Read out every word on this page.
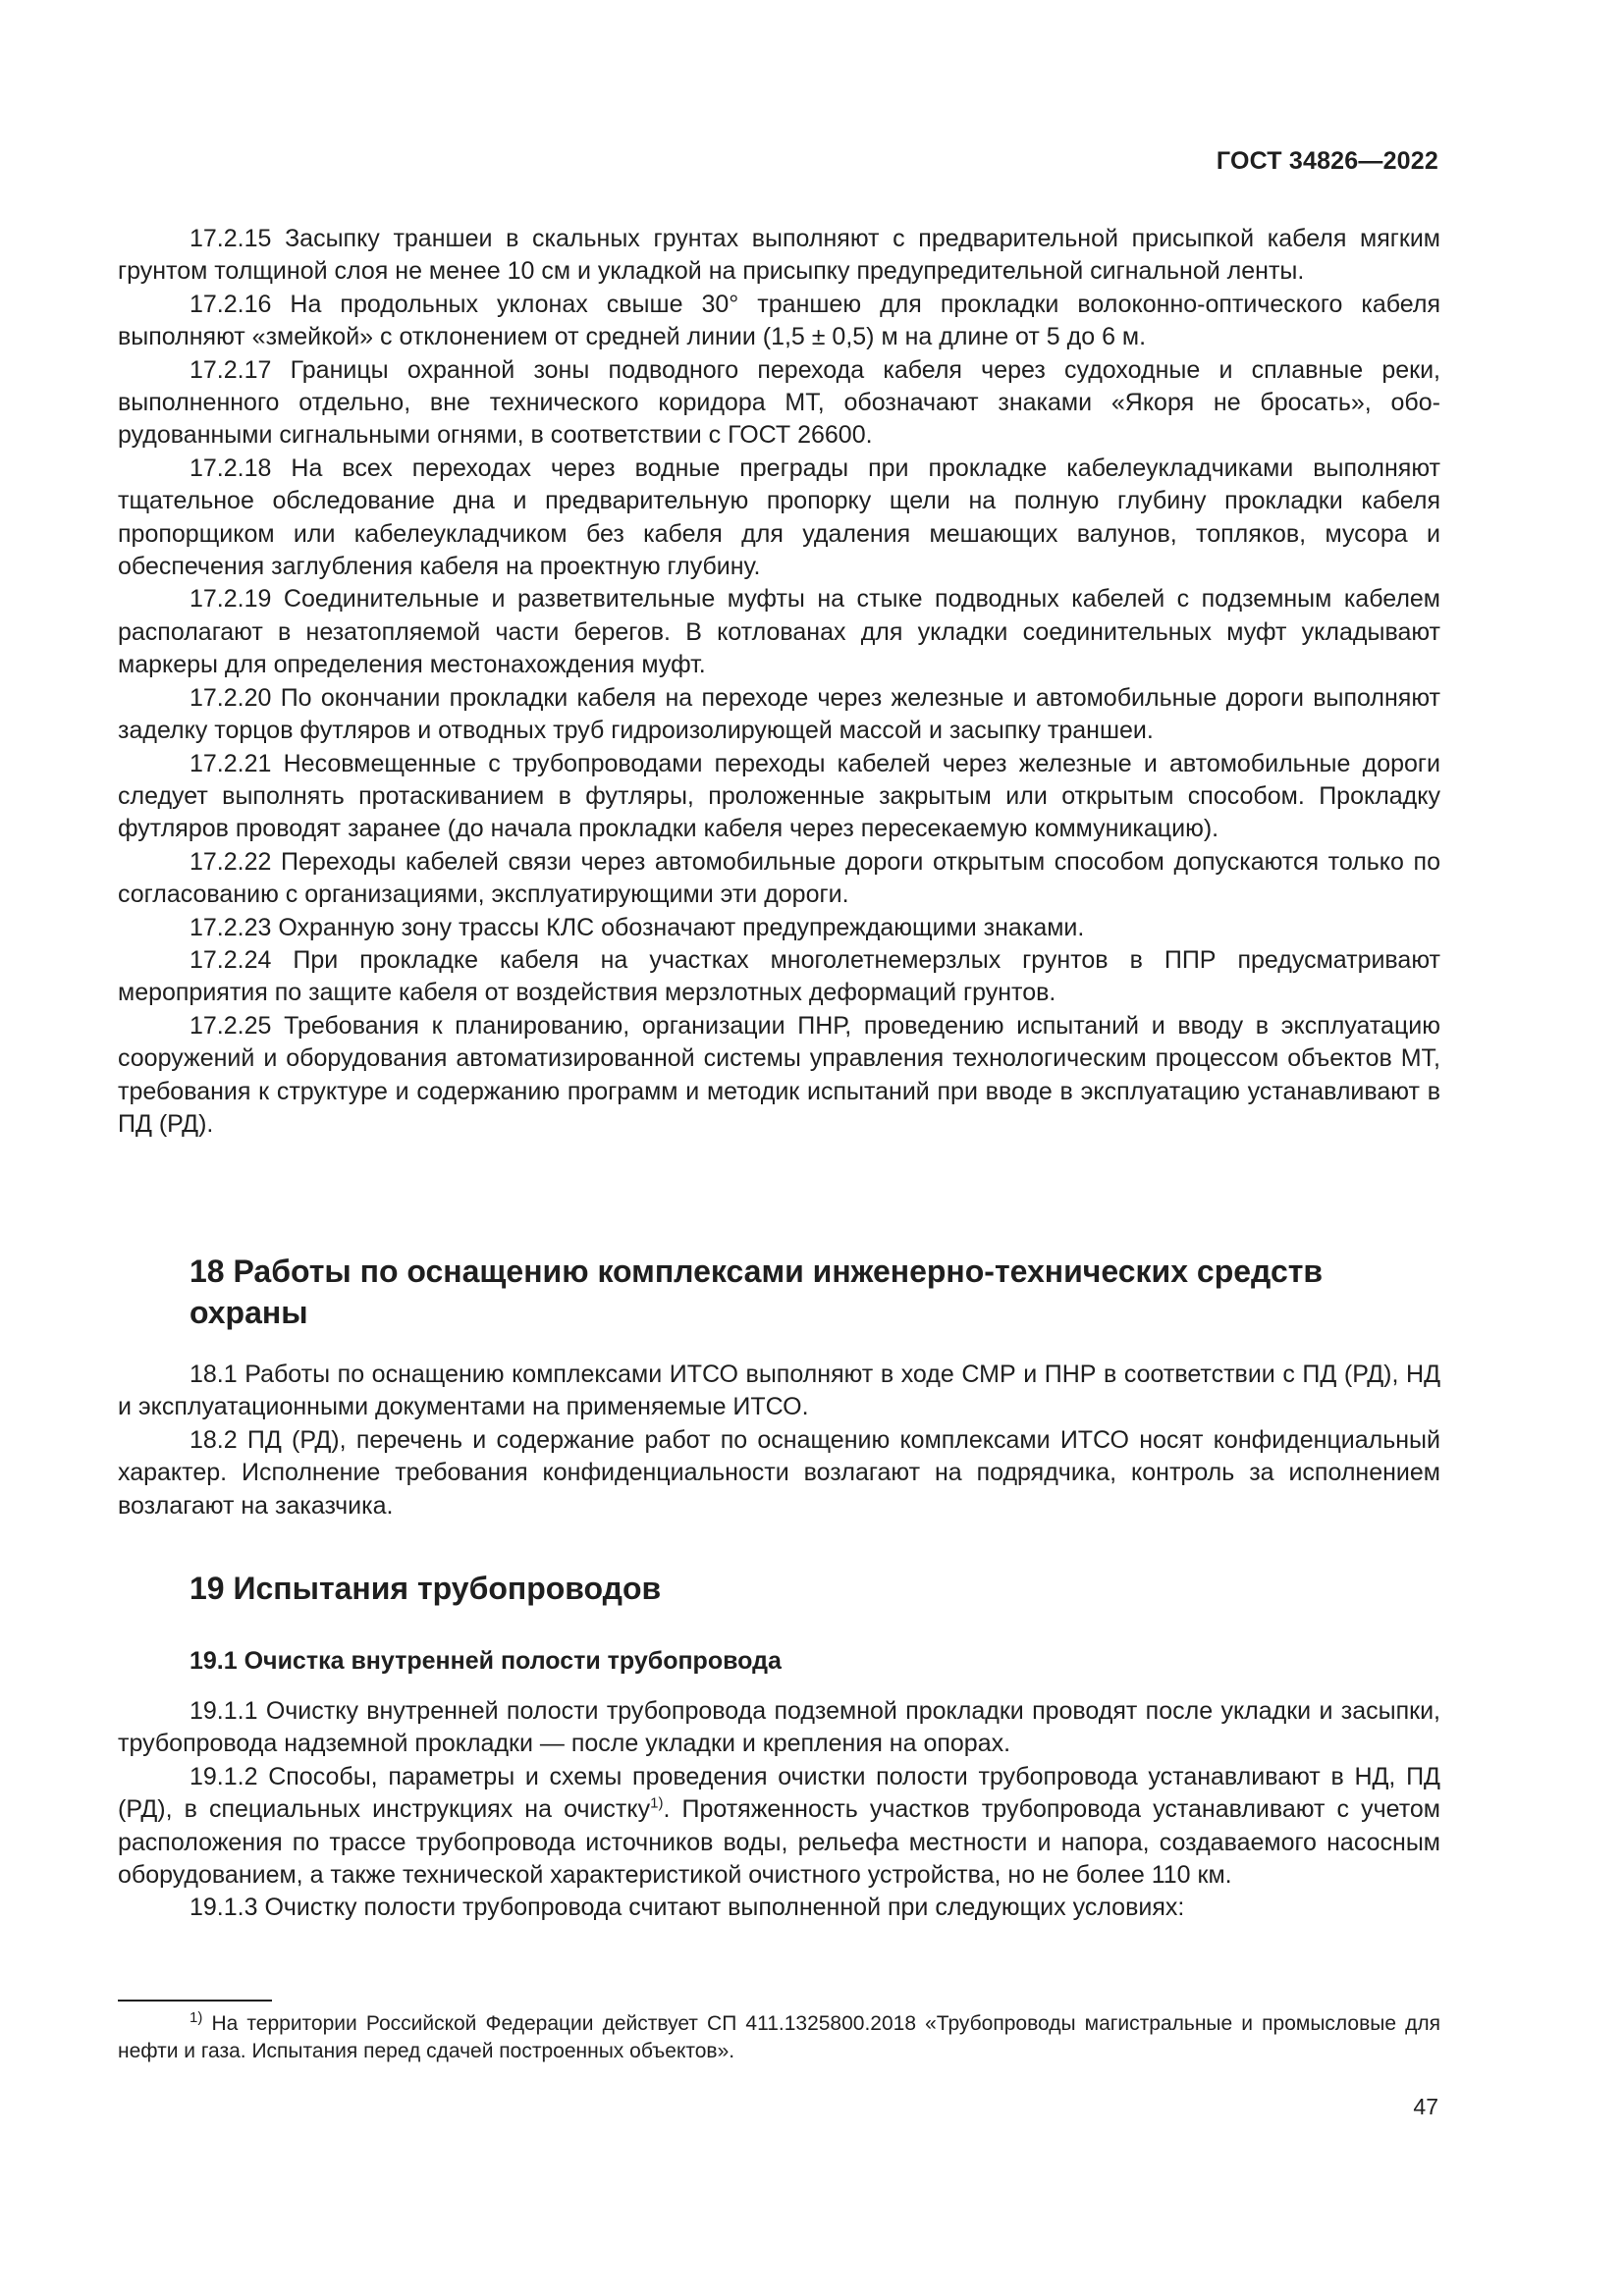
ГОСТ 34826—2022

17.2.15 Засыпку траншеи в скальных грунтах выполняют с предварительной присыпкой кабеля мягким грунтом толщиной слоя не менее 10 см и укладкой на присыпку предупредительной сигнальной ленты.

17.2.16 На продольных уклонах свыше 30° траншею для прокладки волоконно-оптического кабеля выполняют «змейкой» с отклонением от средней линии (1,5 ± 0,5) м на длине от 5 до 6 м.

17.2.17 Границы охранной зоны подводного перехода кабеля через судоходные и сплавные реки, выполненного отдельно, вне технического коридора МТ, обозначают знаками «Якоря не бросать», оборудованными сигнальными огнями, в соответствии с ГОСТ 26600.

17.2.18 На всех переходах через водные преграды при прокладке кабелеукладчиками выполняют тщательное обследование дна и предварительную пропорку щели на полную глубину прокладки кабеля пропорщиком или кабелеукладчиком без кабеля для удаления мешающих валунов, топляков, мусора и обеспечения заглубления кабеля на проектную глубину.

17.2.19 Соединительные и разветвительные муфты на стыке подводных кабелей с подземным кабелем располагают в незатопляемой части берегов. В котлованах для укладки соединительных муфт укладывают маркеры для определения местонахождения муфт.

17.2.20 По окончании прокладки кабеля на переходе через железные и автомобильные дороги выполняют заделку торцов футляров и отводных труб гидроизолирующей массой и засыпку траншеи.

17.2.21 Несовмещенные с трубопроводами переходы кабелей через железные и автомобильные дороги следует выполнять протаскиванием в футляры, проложенные закрытым или открытым способом. Прокладку футляров проводят заранее (до начала прокладки кабеля через пересекаемую коммуникацию).

17.2.22 Переходы кабелей связи через автомобильные дороги открытым способом допускаются только по согласованию с организациями, эксплуатирующими эти дороги.

17.2.23 Охранную зону трассы КЛС обозначают предупреждающими знаками.

17.2.24 При прокладке кабеля на участках многолетнемерзлых грунтов в ППР предусматривают мероприятия по защите кабеля от воздействия мерзлотных деформаций грунтов.

17.2.25 Требования к планированию, организации ПНР, проведению испытаний и вводу в эксплуатацию сооружений и оборудования автоматизированной системы управления технологическим процессом объектов МТ, требования к структуре и содержанию программ и методик испытаний при вводе в эксплуатацию устанавливают в ПД (РД).

18 Работы по оснащению комплексами инженерно-технических средств охраны

18.1 Работы по оснащению комплексами ИТСО выполняют в ходе СМР и ПНР в соответствии с ПД (РД), НД и эксплуатационными документами на применяемые ИТСО.

18.2 ПД (РД), перечень и содержание работ по оснащению комплексами ИТСО носят конфиденциальный характер. Исполнение требования конфиденциальности возлагают на подрядчика, контроль за исполнением возлагают на заказчика.

19 Испытания трубопроводов
19.1 Очистка внутренней полости трубопровода

19.1.1 Очистку внутренней полости трубопровода подземной прокладки проводят после укладки и засыпки, трубопровода надземной прокладки — после укладки и крепления на опорах.

19.1.2 Способы, параметры и схемы проведения очистки полости трубопровода устанавливают в НД, ПД (РД), в специальных инструкциях на очистку$^{1)}$. Протяженность участков трубопровода устанавливают с учетом расположения по трассе трубопровода источников воды, рельефа местности и напора, создаваемого насосным оборудованием, а также технической характеристикой очистного устройства, но не более 110 км.

19.1.3 Очистку полости трубопровода считают выполненной при следующих условиях:

$^{1)}$ На территории Российской Федерации действует СП 411.1325800.2018 «Трубопроводы магистральные и промысловые для нефти и газа. Испытания перед сдачей построенных объектов».

47
